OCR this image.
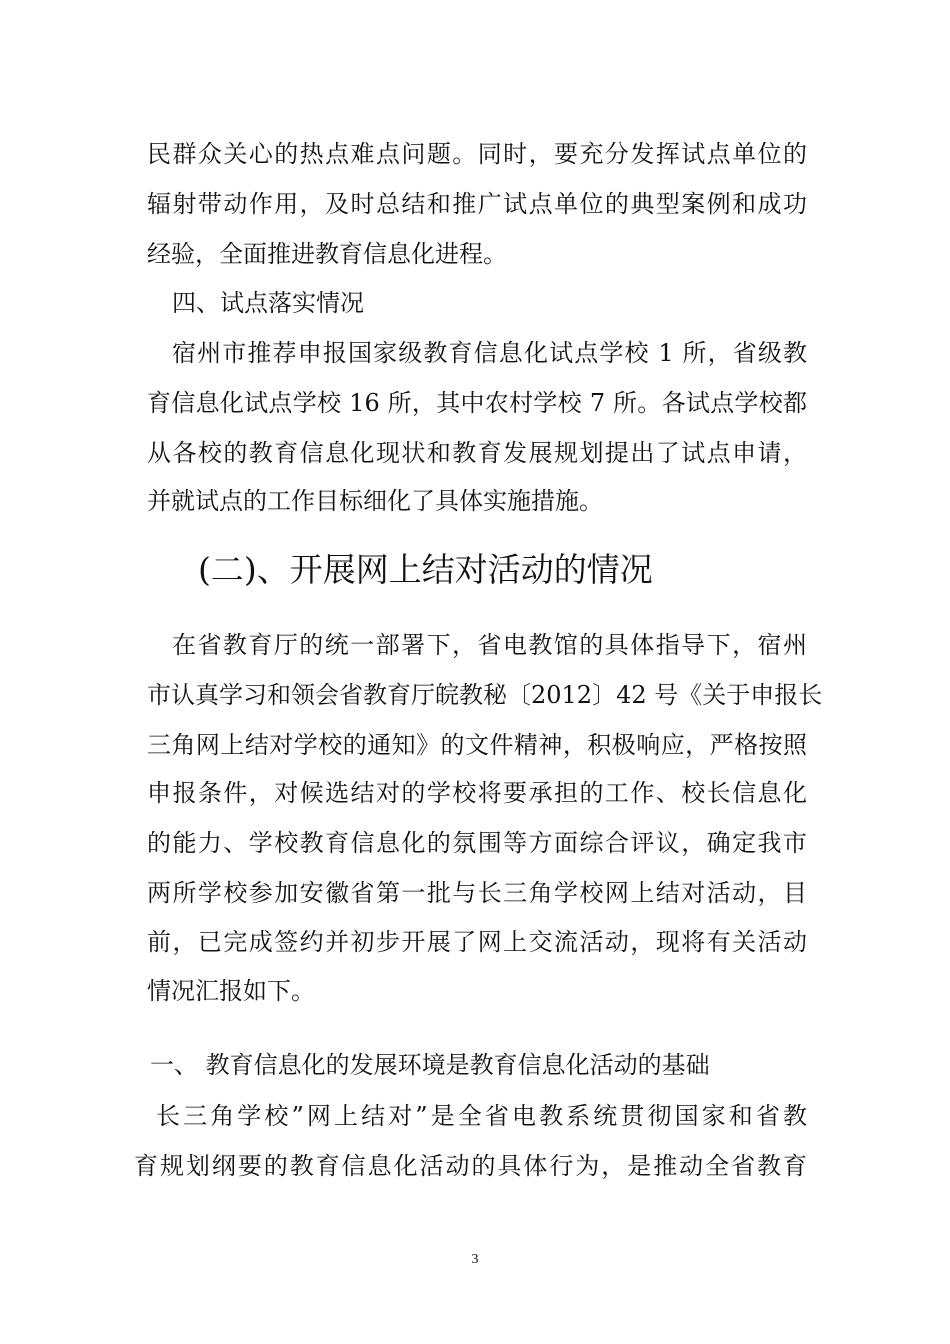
民群众关心的热点难点问题。同时，要充分发挥试点单位的
辐射带动作用，及时总结和推广试点单位的典型案例和成功
经验，全面推进教育信息化进程。
四、试点落实情况
宿州市推荐申报国家级教育信息化试点学校 1 所，省级教
育信息化试点学校 16 所，其中农村学校 7 所。各试点学校都
从各校的教育信息化现状和教育发展规划提出了试点申请，
并就试点的工作目标细化了具体实施措施。
(二)、开展网上结对活动的情况
在省教育厅的统一部署下，省电教馆的具体指导下，宿州
市认真学习和领会省教育厅皖教秘〔2012〕42 号《关于申报长
三角网上结对学校的通知》的文件精神，积极响应，严格按照
申报条件，对候选结对的学校将要承担的工作、校长信息化
的能力、学校教育信息化的氛围等方面综合评议，确定我市
两所学校参加安徽省第一批与长三角学校网上结对活动，目
前，已完成签约并初步开展了网上交流活动，现将有关活动
情况汇报如下。
一、 教育信息化的发展环境是教育信息化活动的基础
长三角学校”网上结对”是全省电教系统贯彻国家和省教
育规划纲要的教育信息化活动的具体行为，是推动全省教育
3
